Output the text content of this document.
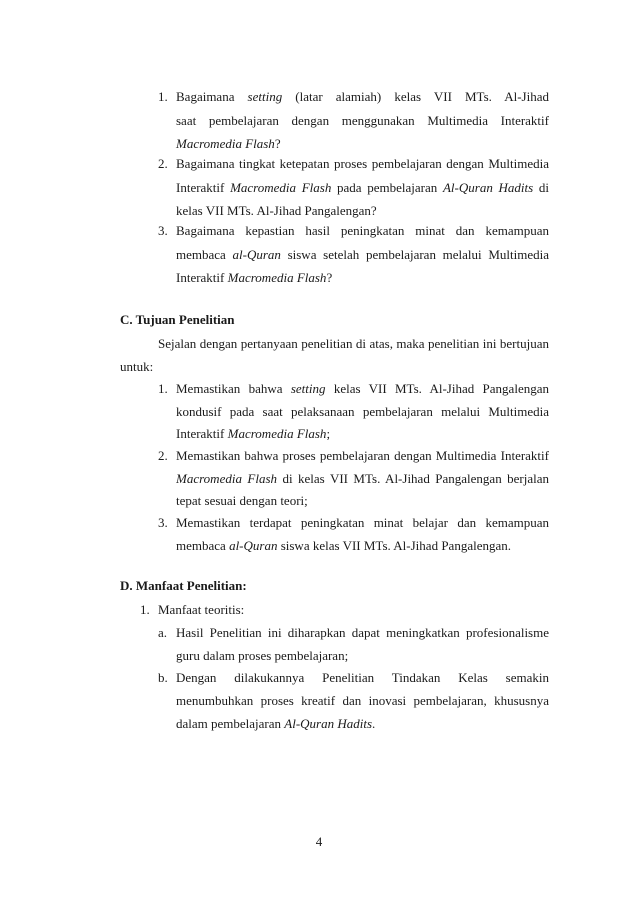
1. Bagaimana setting (latar alamiah) kelas VII MTs. Al-Jihad
saat pembelajaran dengan menggunakan Multimedia Interaktif
Macromedia Flash?
2. Bagaimana tingkat ketepatan proses pembelajaran dengan Multimedia
Interaktif Macromedia Flash pada pembelajaran Al-Quran Hadits di
kelas VII MTs. Al-Jihad Pangalengan?
3. Bagaimana kepastian hasil peningkatan minat dan kemampuan
membaca al-Quran siswa setelah pembelajaran melalui Multimedia
Interaktif Macromedia Flash?
C. Tujuan Penelitian
Sejalan dengan pertanyaan penelitian di atas, maka penelitian ini bertujuan
untuk:
1. Memastikan bahwa setting kelas VII MTs. Al-Jihad Pangalengan
kondusif pada saat pelaksanaan pembelajaran melalui Multimedia
Interaktif Macromedia Flash;
2. Memastikan bahwa proses pembelajaran dengan Multimedia Interaktif
Macromedia Flash di kelas VII MTs. Al-Jihad Pangalengan berjalan
tepat sesuai dengan teori;
3. Memastikan terdapat peningkatan minat belajar dan kemampuan
membaca al-Quran siswa kelas VII MTs. Al-Jihad Pangalengan.
D. Manfaat Penelitian:
1. Manfaat teoritis:
a. Hasil Penelitian ini diharapkan dapat meningkatkan profesionalisme
guru dalam proses pembelajaran;
b. Dengan dilakukannya Penelitian Tindakan Kelas semakin
menumbuhkan proses kreatif dan inovasi pembelajaran, khususnya
dalam pembelajaran Al-Quran Hadits.
4
